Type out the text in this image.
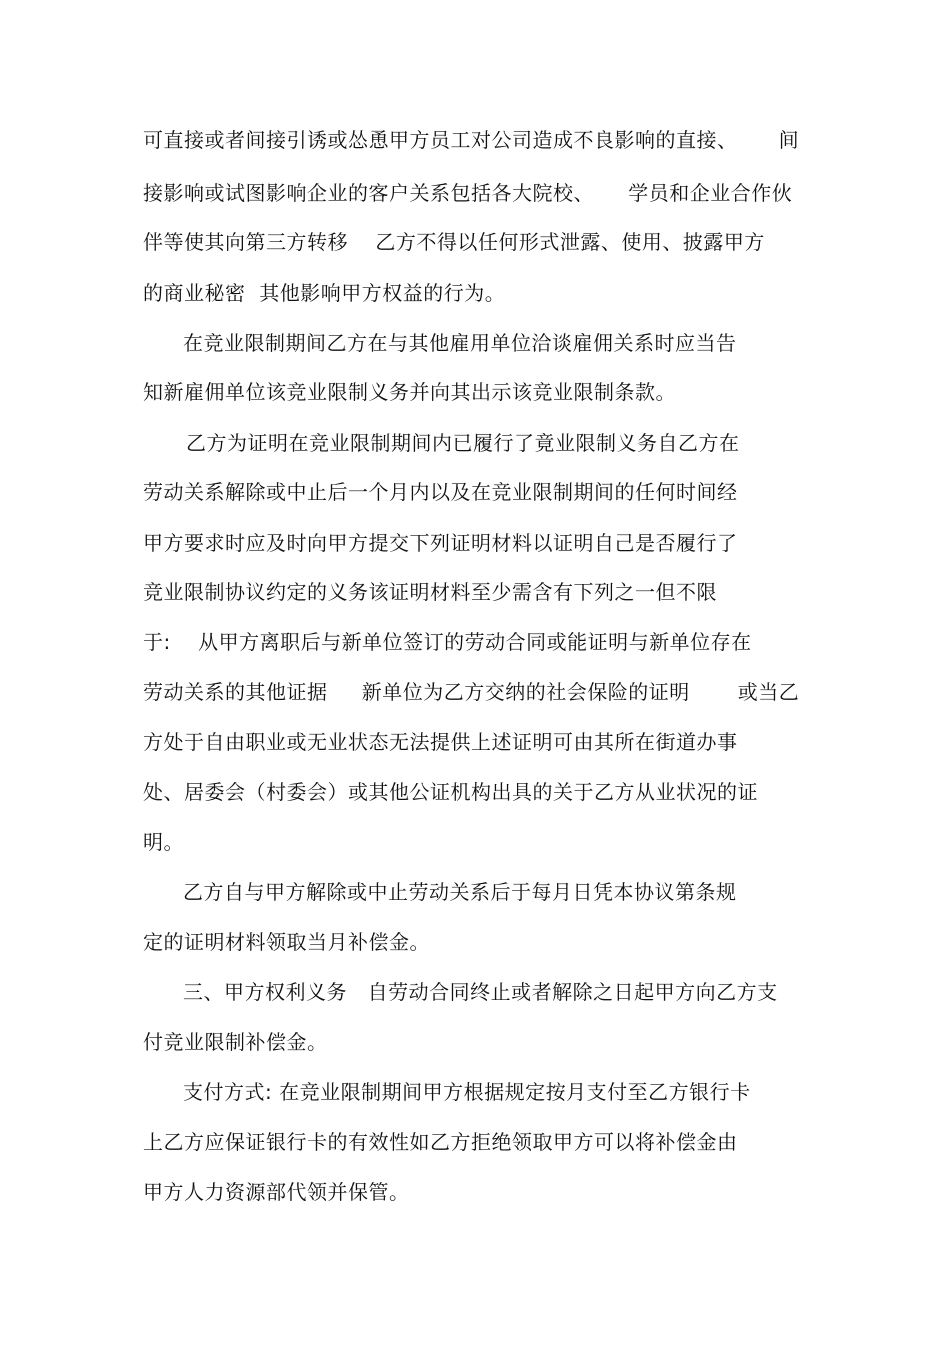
可直接或者间接引诱或怂恿甲方员工对公司造成不良影响的直接、      间
接影响或试图影响企业的客户关系包括各大院校、     学员和企业合作伙
伴等使其向第三方转移    乙方不得以任何形式泄露、使用、披露甲方
的商业秘密  其他影响甲方权益的行为。
在竞业限制期间乙方在与其他雇用单位洽谈雇佣关系时应当告
知新雇佣单位该竞业限制义务并向其出示该竞业限制条款。
乙方为证明在竞业限制期间内已履行了竟业限制义务自乙方在
劳动关系解除或中止后一个月内以及在竞业限制期间的任何时间经
甲方要求时应及时向甲方提交下列证明材料以证明自己是否履行了
竞业限制协议约定的义务该证明材料至少需含有下列之一但不限
于:    从甲方离职后与新单位签订的劳动合同或能证明与新单位存在
劳动关系的其他证据     新单位为乙方交纳的社会保险的证明       或当乙
方处于自由职业或无业状态无法提供上述证明可由其所在街道办事
处、居委会（村委会）或其他公证机构出具的关于乙方从业状况的证
明。
乙方自与甲方解除或中止劳动关系后于每月日凭本协议第条规
定的证明材料领取当月补偿金。
三、甲方权利义务   自劳动合同终止或者解除之日起甲方向乙方支
付竞业限制补偿金。
支付方式: 在竞业限制期间甲方根据规定按月支付至乙方银行卡
上乙方应保证银行卡的有效性如乙方拒绝领取甲方可以将补偿金由
甲方人力资源部代领并保管。
